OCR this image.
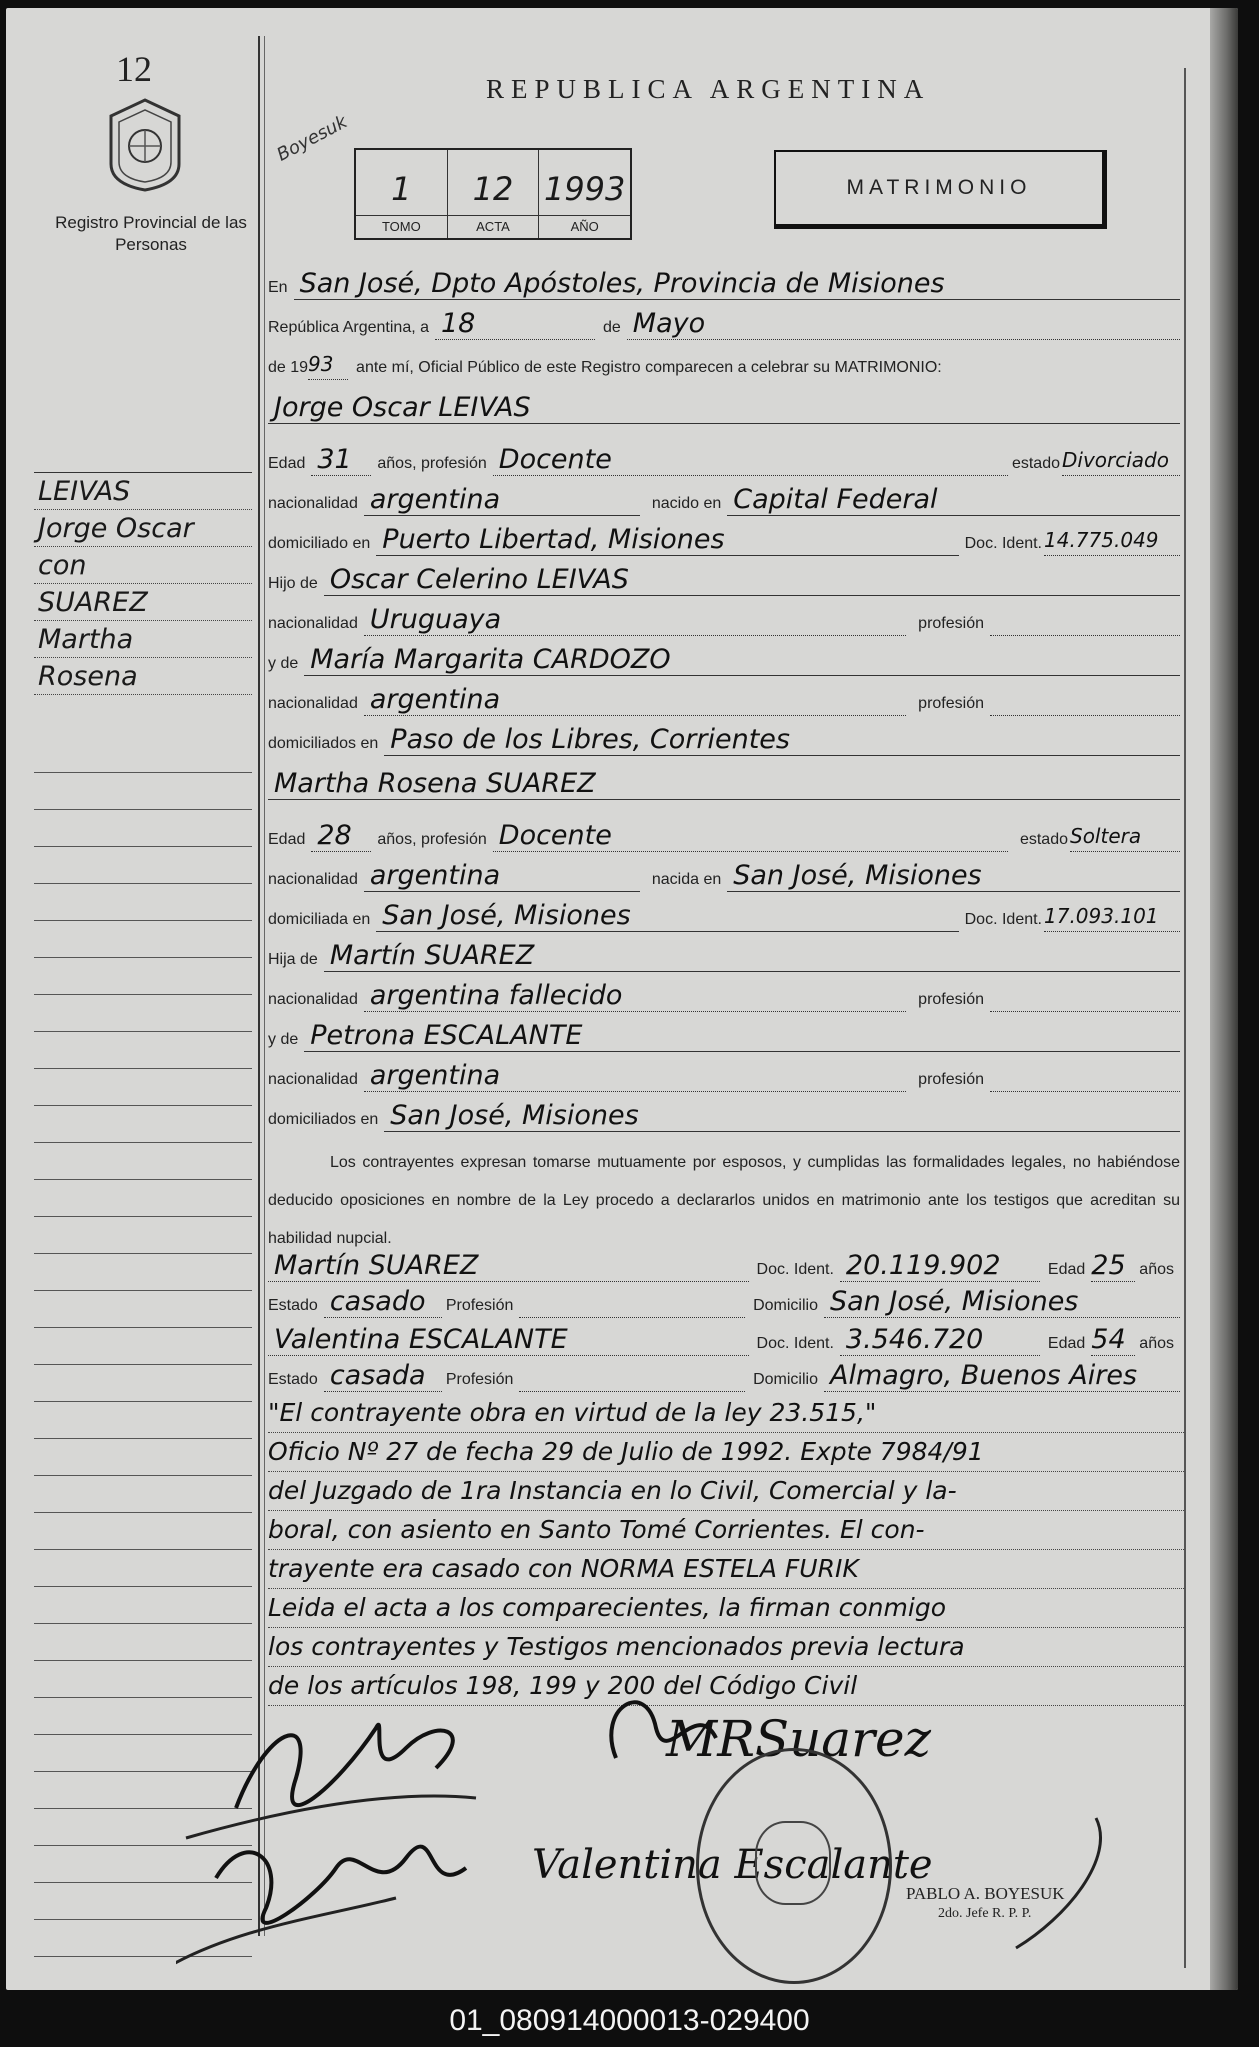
12
Registro Provincial de las Personas
LEIVAS
Jorge Oscar
con
SUAREZ
Martha
Rosena
REPUBLICA ARGENTINA
Boyesuk
1
TOMO
12
ACTA
1993
AÑO
MATRIMONIO
En San José, Dpto Apóstoles, Provincia de Misiones
República Argentina, a 18	de Mayo
de 19 93 ante mí, Oficial Público de este Registro comparecen a celebrar su MATRIMONIO:
Jorge Oscar LEIVAS
Edad 31 años, profesión Docente	estado Divorciado
nacionalidad argentina	nacido en Capital Federal
domiciliado en Puerto Libertad, Misiones	Doc. Ident. 14.775.049
Hijo de Oscar Celerino LEIVAS
nacionalidad Uruguaya	profesión
y de María Margarita CARDOZO
nacionalidad argentina	profesión
domiciliados en Paso de los Libres, Corrientes
Martha Rosena SUAREZ
Edad 28 años, profesión Docente	estado Soltera
nacionalidad argentina	nacida en San José, Misiones
domiciliada en San José, Misiones	Doc. Ident. 17.093.101
Hija de Martín SUAREZ
nacionalidad argentina fallecido	profesión
y de Petrona ESCALANTE
nacionalidad argentina	profesión
domiciliados en San José, Misiones
Los contrayentes expresan tomarse mutuamente por esposos, y cumplidas las formalidades legales, no habiéndose deducido oposiciones en nombre de la Ley procedo a declararlos unidos en matrimonio ante los testigos que acreditan su habilidad nupcial.
Martín SUAREZ	Doc. Ident. 20.119.902	Edad 25 años
Estado casado Profesión	Domicilio San José, Misiones
Valentina ESCALANTE	Doc. Ident. 3.546.720	Edad 54 años
Estado casada Profesión	Domicilio Almagro, Buenos Aires
"El contrayente obra en virtud de la ley 23.515,"
Oficio Nº 27 de fecha 29 de Julio de 1992. Expte 7984/91
del Juzgado de 1ra Instancia en lo Civil, Comercial y la-
boral, con asiento en Santo Tomé Corrientes. El con-
trayente era casado con NORMA ESTELA FURIK
Leida el acta a los comparecientes, la firman conmigo
los contrayentes y Testigos mencionados previa lectura
de los artículos 198, 199 y 200 del Código Civil
MRSuarez
Valentina Escalante
PABLO A. BOYESUK
2do. Jefe R. P. P.
01_080914000013-029400
